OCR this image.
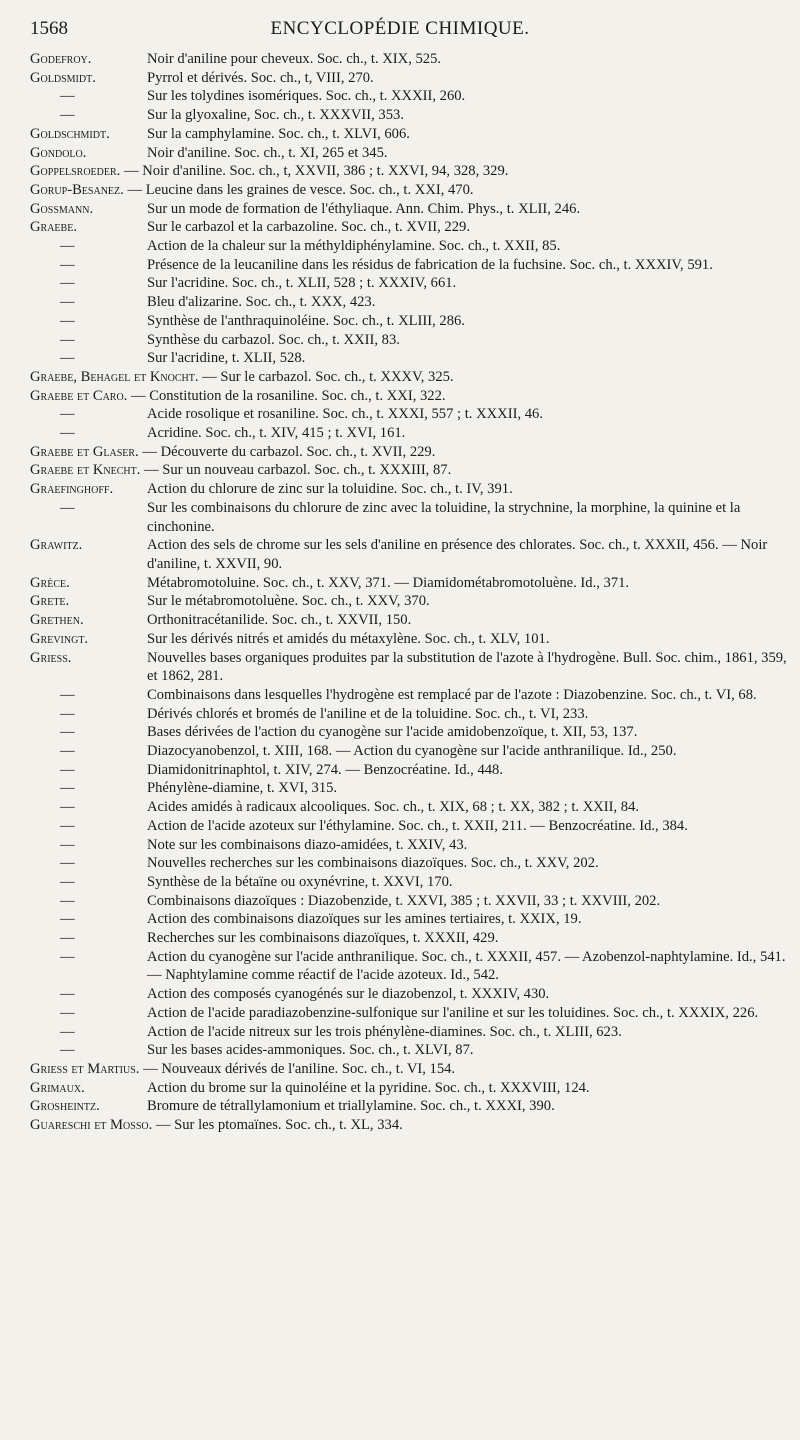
1568	ENCYCLOPÉDIE CHIMIQUE.
Godefroy.	Noir d'aniline pour cheveux. Soc. ch., t. XIX, 525.
Goldsmidt.	Pyrrol et dérivés. Soc. ch., t, VIII, 270.
—	Sur les tolydines isomériques. Soc. ch., t. XXXII, 260.
—	Sur la glyoxaline, Soc. ch., t. XXXVII, 353.
Goldschmidt.	Sur la camphylamine. Soc. ch., t. XLVI, 606.
Gondolo.	Noir d'aniline. Soc. ch., t. XI, 265 et 345.
Goppelsroeder. — Noir d'aniline. Soc. ch., t, XXVII, 386 ; t. XXVI, 94, 328, 329.
Gorup-Besanez. — Leucine dans les graines de vesce. Soc. ch., t. XXI, 470.
Gossmann.	Sur un mode de formation de l'éthyliaque. Ann. Chim. Phys., t. XLII, 246.
Graebe.	Sur le carbazol et la carbazoline. Soc. ch., t. XVII, 229.
—	Action de la chaleur sur la méthyldiphénylamine. Soc. ch., t. XXII, 85.
—	Présence de la leucaniline dans les résidus de fabrication de la fuchsine. Soc. ch., t. XXXIV, 591.
—	Sur l'acridine. Soc. ch., t. XLII, 528 ; t. XXXIV, 661.
—	Bleu d'alizarine. Soc. ch., t. XXX, 423.
—	Synthèse de l'anthraquinoléine. Soc. ch., t. XLIII, 286.
—	Synthèse du carbazol. Soc. ch., t. XXII, 83.
—	Sur l'acridine, t. XLII, 528.
Graebe, Behagel et Knocht. — Sur le carbazol. Soc. ch., t. XXXV, 325.
Graebe et Caro. — Constitution de la rosaniline. Soc. ch., t. XXI, 322.
—	Acide rosolique et rosaniline. Soc. ch., t. XXXI, 557 ; t. XXXII, 46.
—	Acridine. Soc. ch., t. XIV, 415 ; t. XVI, 161.
Graebe et Glaser. — Découverte du carbazol. Soc. ch., t. XVII, 229.
Graebe et Knecht. — Sur un nouveau carbazol. Soc. ch., t. XXXIII, 87.
Graefinghoff. Action du chlorure de zinc sur la toluidine. Soc. ch., t. IV, 391.
—	Sur les combinaisons du chlorure de zinc avec la toluidine, la strychnine, la morphine, la quinine et la cinchonine.
Grawitz.	Action des sels de chrome sur les sels d'aniline en présence des chlorates. Soc. ch., t. XXXII, 456. — Noir d'aniline, t. XXVII, 90.
Grèce.	Métabromotoluine. Soc. ch., t. XXV, 371. — Diamidométabromotoluène. Id., 371.
Grete.	Sur le métabromotoluène. Soc. ch., t. XXV, 370.
Grethen.	Orthonitracétanilide. Soc. ch., t. XXVII, 150.
Grevingt.	Sur les dérivés nitrés et amidés du métaxylène. Soc. ch., t. XLV, 101.
Griess.	Nouvelles bases organiques produites par la substitution de l'azote à l'hydrogène. Bull. Soc. chim., 1861, 359, et 1862, 281.
—	Combinaisons dans lesquelles l'hydrogène est remplacé par de l'azote : Diazobenzine. Soc. ch., t. VI, 68.
—	Dérivés chlorés et bromés de l'aniline et de la toluidine. Soc. ch., t. VI, 233.
—	Bases dérivées de l'action du cyanogène sur l'acide amidobenzoïque, t. XII, 53, 137.
—	Diazocyanobenzol, t. XIII, 168. — Action du cyanogène sur l'acide anthranilique. Id., 250.
—	Diamidonitrinaphtol, t. XIV, 274. — Benzocréatine. Id., 448.
—	Phénylène-diamine, t. XVI, 315.
—	Acides amidés à radicaux alcooliques. Soc. ch., t. XIX, 68 ; t. XX, 382 ; t. XXII, 84.
—	Action de l'acide azoteux sur l'éthylamine. Soc. ch., t. XXII, 211. — Benzocréatine. Id., 384.
—	Note sur les combinaisons diazo-amidées, t. XXIV, 43.
—	Nouvelles recherches sur les combinaisons diazoïques. Soc. ch., t. XXV, 202.
—	Synthèse de la bétaïne ou oxynévrine, t. XXVI, 170.
—	Combinaisons diazoïques : Diazobenzide, t. XXVI, 385 ; t. XXVII, 33 ; t. XXVIII, 202.
—	Action des combinaisons diazoïques sur les amines tertiaires, t. XXIX, 19.
—	Recherches sur les combinaisons diazoïques, t. XXXII, 429.
—	Action du cyanogène sur l'acide anthranilique. Soc. ch., t. XXXII, 457. — Azobenzol-naphtylamine. Id., 541. — Naphtylamine comme réactif de l'acide azoteux. Id., 542.
—	Action des composés cyanogénés sur le diazobenzol, t. XXXIV, 430.
—	Action de l'acide paradiazobenzine-sulfonique sur l'aniline et sur les toluidines. Soc. ch., t. XXXIX, 226.
—	Action de l'acide nitreux sur les trois phénylène-diamines. Soc. ch., t. XLIII, 623.
—	Sur les bases acides-ammoniques. Soc. ch., t. XLVI, 87.
Griess et Martius. — Nouveaux dérivés de l'aniline. Soc. ch., t. VI, 154.
Grimaux.	Action du brome sur la quinoléine et la pyridine. Soc. ch., t. XXXVIII, 124.
Grosheintz.	Bromure de tétrallylamonium et triallylamine. Soc. ch., t. XXXI, 390.
Guareschi et Mosso. — Sur les ptomaïnes. Soc. ch., t. XL, 334.
